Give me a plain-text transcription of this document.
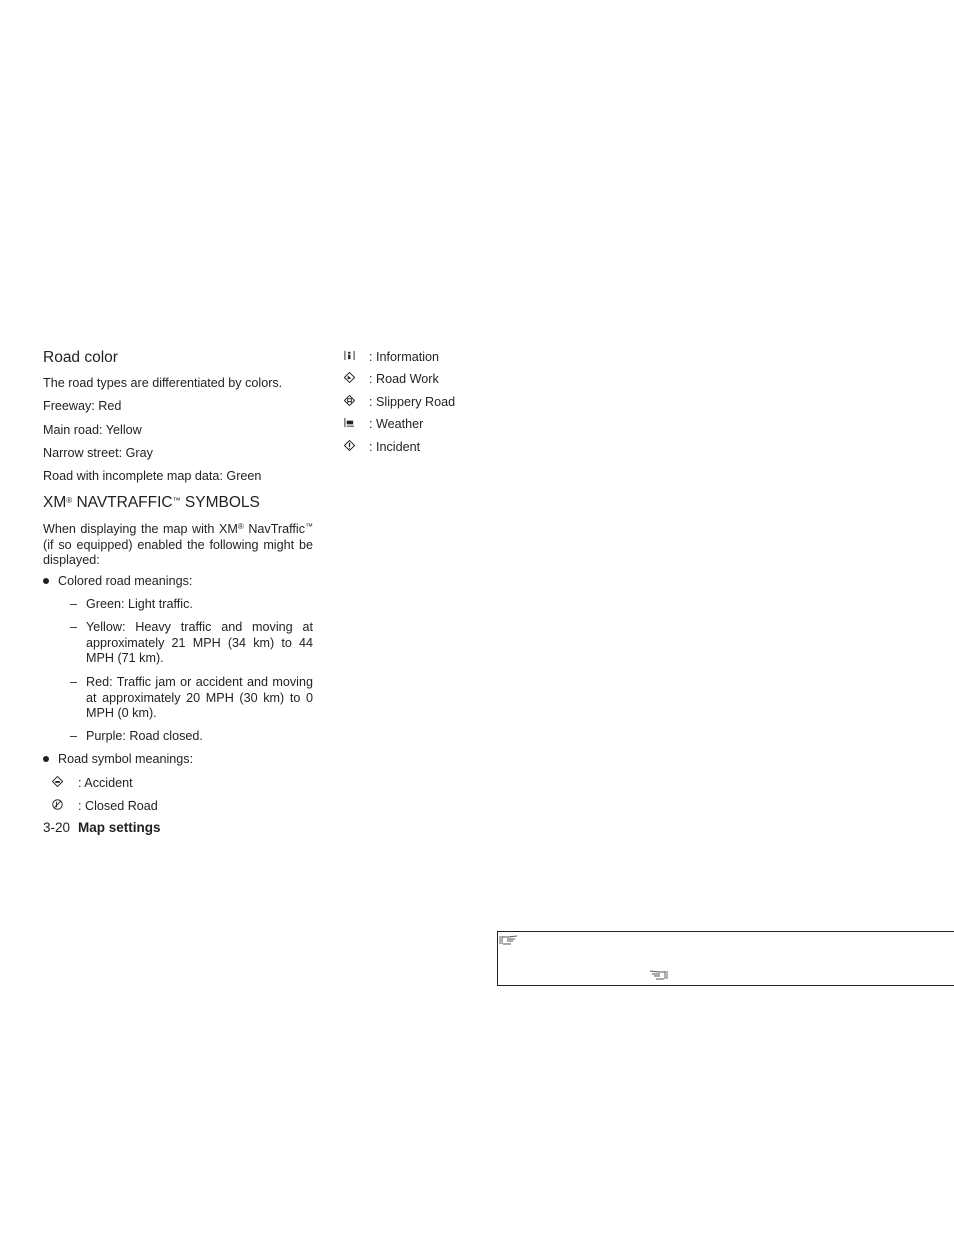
Road color
The road types are differentiated by colors.
Freeway: Red
Main road: Yellow
Narrow street: Gray
Road with incomplete map data: Green
XM® NAVTRAFFIC™ SYMBOLS
When displaying the map with XM® NavTraffic™ (if so equipped) enabled the following might be displayed:
Colored road meanings:
– Green: Light traffic.
– Yellow: Heavy traffic and moving at approximately 21 MPH (34 km) to 44 MPH (71 km).
– Red: Traffic jam or accident and moving at approximately 20 MPH (30 km) to 0 MPH (0 km).
– Purple: Road closed.
Road symbol meanings:
: Accident
: Closed Road
: Information
: Road Work
: Slippery Road
: Weather
: Incident
3-20 Map settings
